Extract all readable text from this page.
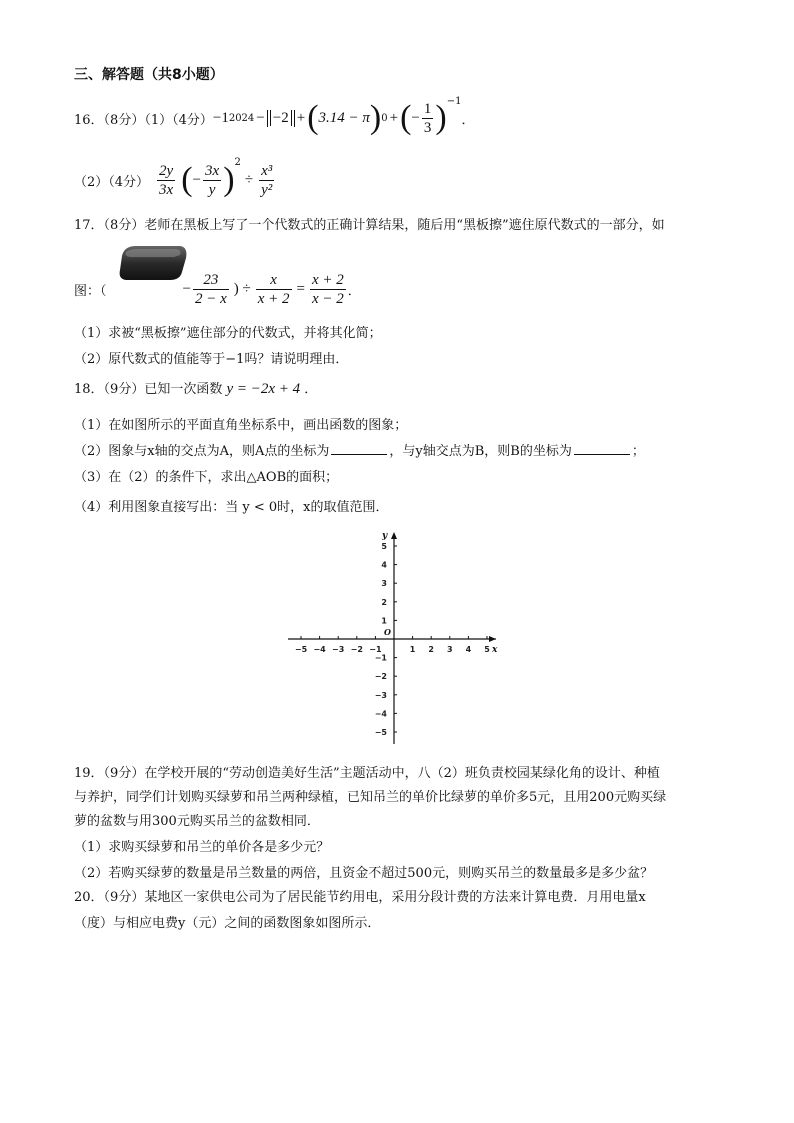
三、解答题（共8小题）
16．（8分）（1）（4分） −1 2024 − −2 + ( 3.14 − π ) 0 + ( − $\frac{1}{3}$ ) −1
．
（2）（4分） $\frac{2y}{3x}$ ( − $\frac{3x}{y}$ ) 2
÷ $\frac{\text{x³}}{\text{y²}}$
17．（8分）老师在黑板上写了一个代数式的正确计算结果，随后用“黑板擦”遮住原代数式的一部分，如
图：（	− $\frac{23}{2 - x}$ ) ÷ $\frac{x}{x + 2} = \frac{x + 2}{x - 2}$ ．
（1）求被“黑板擦”遮住部分的代数式，并将其化简；
（2）原代数式的值能等于−1吗？请说明理由．
18．（9分）已知一次函数 y = −2x + 4 ．
（1）在如图所示的平面直角坐标系中，画出函数的图象；
（2）图象与x轴的交点为A，则A点的坐标为	，与y轴交点为B，则B的坐标为	；
（3）在（2）的条件下，求出△AOB的面积；
（4）利用图象直接写出：当 y < 0时，x的取值范围．
−5 −4 −3 −2 −1	1 2 3 4 5
5
4
3
2
1
−1
−2
−3
−4
−5
x
y
O
19．（9分）在学校开展的“劳动创造美好生活”主题活动中，八（2）班负责校园某绿化角的设计、种植
与养护，同学们计划购买绿萝和吊兰两种绿植，已知吊兰的单价比绿萝的单价多5元，且用200元购买绿
萝的盆数与用300元购买吊兰的盆数相同．
（1）求购买绿萝和吊兰的单价各是多少元？
（2）若购买绿萝的数量是吊兰数量的两倍，且资金不超过500元，则购买吊兰的数量最多是多少盆？
20．（9分）某地区一家供电公司为了居民能节约用电，采用分段计费的方法来计算电费．月用电量x
（度）与相应电费y（元）之间的函数图象如图所示．
